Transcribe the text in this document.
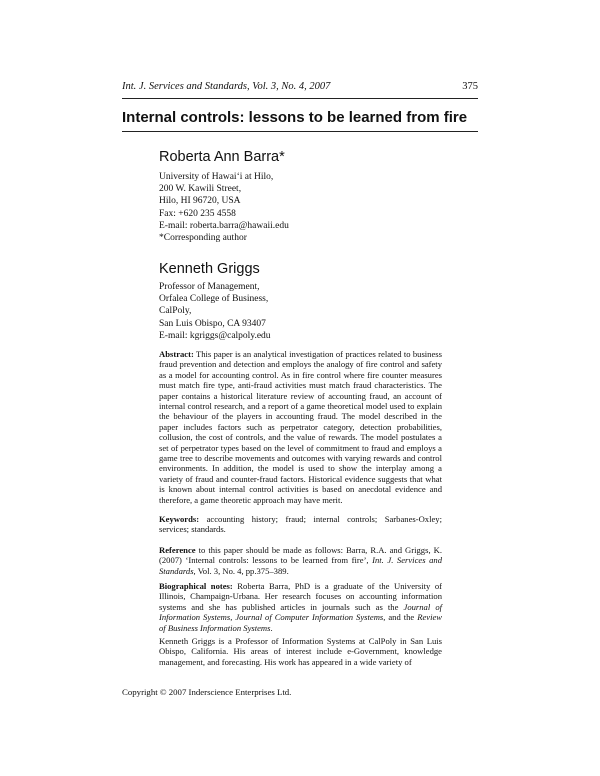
Int. J. Services and Standards, Vol. 3, No. 4, 2007	375
Internal controls: lessons to be learned from fire
Roberta Ann Barra*
University of Hawai‘i at Hilo,
200 W. Kawili Street,
Hilo, HI 96720, USA
Fax: +620 235 4558
E-mail: roberta.barra@hawaii.edu
*Corresponding author
Kenneth Griggs
Professor of Management,
Orfalea College of Business,
CalPoly,
San Luis Obispo, CA 93407
E-mail: kgriggs@calpoly.edu

Abstract: This paper is an analytical investigation of practices related to business fraud prevention and detection and employs the analogy of fire control and safety as a model for accounting control. As in fire control where fire counter measures must match fire type, anti-fraud activities must match fraud characteristics. The paper contains a historical literature review of accounting fraud, an account of internal control research, and a report of a game theoretical model used to explain the behaviour of the players in accounting fraud. The model described in the paper includes factors such as perpetrator category, detection probabilities, collusion, the cost of controls, and the value of rewards. The model postulates a set of perpetrator types based on the level of commitment to fraud and employs a game tree to describe movements and outcomes with varying rewards and control environments. In addition, the model is used to show the interplay among a variety of fraud and counter-fraud factors. Historical evidence suggests that what is known about internal control activities is based on anecdotal evidence and therefore, a game theoretic approach may have merit.

Keywords: accounting history; fraud; internal controls; Sarbanes-Oxley; services; standards.

Reference to this paper should be made as follows: Barra, R.A. and Griggs, K. (2007) ‘Internal controls: lessons to be learned from fire’, Int. J. Services and Standards, Vol. 3, No. 4, pp.375–389.

Biographical notes: Roberta Barra, PhD is a graduate of the University of Illinois, Champaign-Urbana. Her research focuses on accounting information systems and she has published articles in journals such as the Journal of Information Systems, Journal of Computer Information Systems, and the Review of Business Information Systems.

Kenneth Griggs is a Professor of Information Systems at CalPoly in San Luis Obispo, California. His areas of interest include e-Government, knowledge management, and forecasting. His work has appeared in a wide variety of

Copyright © 2007 Inderscience Enterprises Ltd.
